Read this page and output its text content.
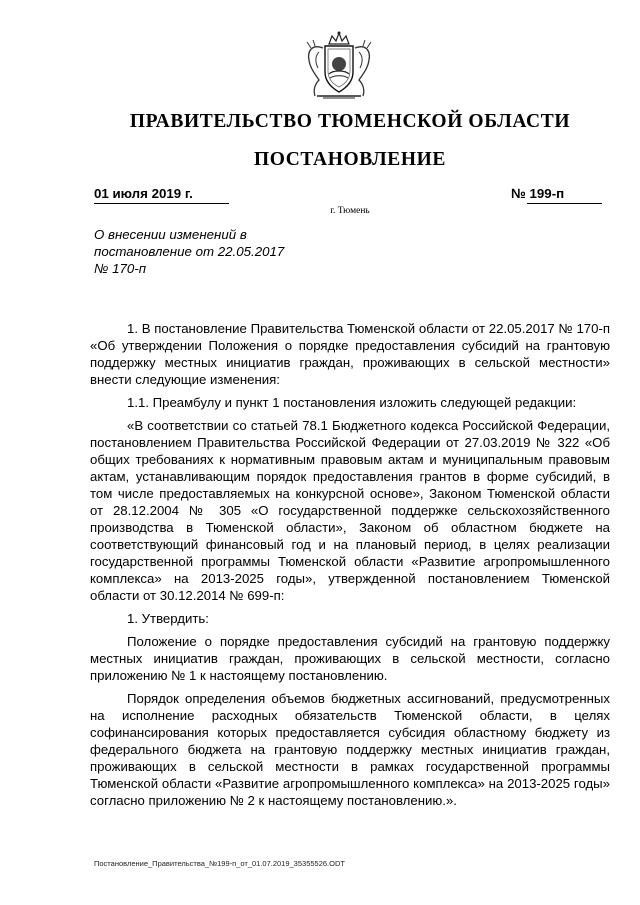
ПРАВИТЕЛЬСТВО ТЮМЕНСКОЙ ОБЛАСТИ
ПОСТАНОВЛЕНИЕ
01 июля 2019 г.	№ 199-п
г. Тюмень
О внесении изменений в
постановление от 22.05.2017
№ 170-п

1. В постановление Правительства Тюменской области от 22.05.2017 № 170-п «Об утверждении Положения о порядке предоставления субсидий на грантовую поддержку местных инициатив граждан, проживающих в сельской местности» внести следующие изменения:

1.1. Преамбулу и пункт 1 постановления изложить следующей редакции:

«В соответствии со статьей 78.1 Бюджетного кодекса Российской Федерации, постановлением Правительства Российской Федерации от 27.03.2019 № 322 «Об общих требованиях к нормативным правовым актам и муниципальным правовым актам, устанавливающим порядок предоставления грантов в форме субсидий, в том числе предоставляемых на конкурсной основе», Законом Тюменской области от 28.12.2004 № 305 «О государственной поддержке сельскохозяйственного производства в Тюменской области», Законом об областном бюджете на соответствующий финансовый год и на плановый период, в целях реализации государственной программы Тюменской области «Развитие агропромышленного комплекса» на 2013-2025 годы», утвержденной постановлением Тюменской области от 30.12.2014 № 699-п:

1. Утвердить:

Положение о порядке предоставления субсидий на грантовую поддержку местных инициатив граждан, проживающих в сельской местности, согласно приложению № 1 к настоящему постановлению.

Порядок определения объемов бюджетных ассигнований, предусмотренных на исполнение расходных обязательств Тюменской области, в целях софинансирования которых предоставляется субсидия областному бюджету из федерального бюджета на грантовую поддержку местных инициатив граждан, проживающих в сельской местности в рамках государственной программы Тюменской области «Развитие агропромышленного комплекса» на 2013-2025 годы» согласно приложению № 2 к настоящему постановлению.».

Постановление_Правительства_№199-п_от_01.07.2019_35355526.ODT
